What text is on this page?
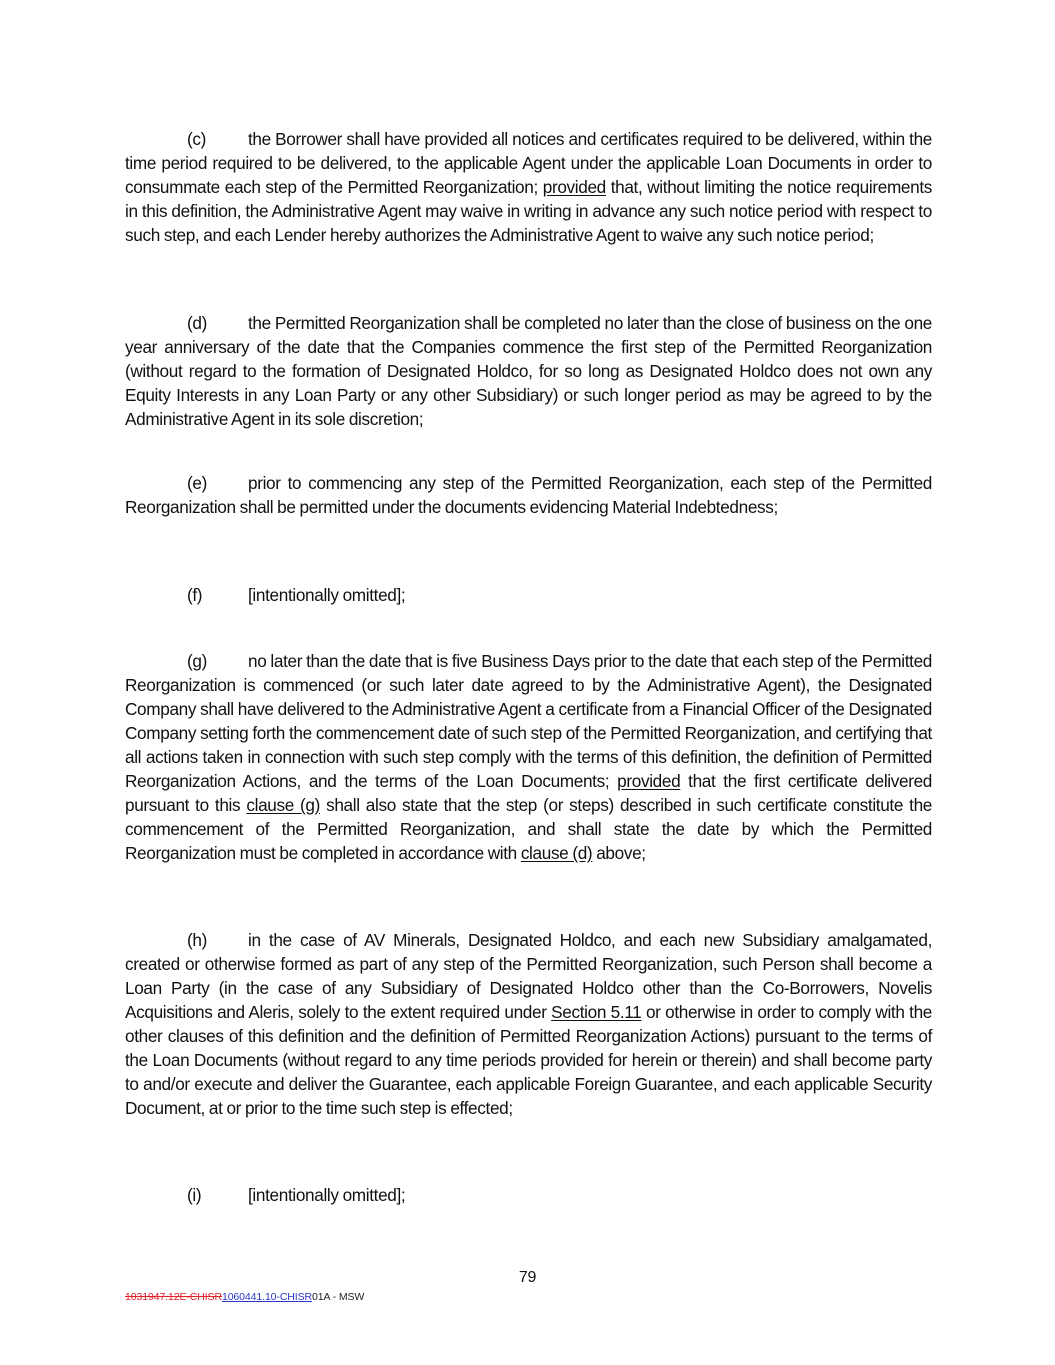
(c) the Borrower shall have provided all notices and certificates required to be delivered, within the time period required to be delivered, to the applicable Agent under the applicable Loan Documents in order to consummate each step of the Permitted Reorganization; provided that, without limiting the notice requirements in this definition, the Administrative Agent may waive in writing in advance any such notice period with respect to such step, and each Lender hereby authorizes the Administrative Agent to waive any such notice period;

(d) the Permitted Reorganization shall be completed no later than the close of business on the one year anniversary of the date that the Companies commence the first step of the Permitted Reorganization (without regard to the formation of Designated Holdco, for so long as Designated Holdco does not own any Equity Interests in any Loan Party or any other Subsidiary) or such longer period as may be agreed to by the Administrative Agent in its sole discretion;

(e) prior to commencing any step of the Permitted Reorganization, each step of the Permitted Reorganization shall be permitted under the documents evidencing Material Indebtedness;

(f)	[intentionally omitted];

(g) no later than the date that is five Business Days prior to the date that each step of the Permitted Reorganization is commenced (or such later date agreed to by the Administrative Agent), the Designated Company shall have delivered to the Administrative Agent a certificate from a Financial Officer of the Designated Company setting forth the commencement date of such step of the Permitted Reorganization, and certifying that all actions taken in connection with such step comply with the terms of this definition, the definition of Permitted Reorganization Actions, and the terms of the Loan Documents; provided that the first certificate delivered pursuant to this clause (g) shall also state that the step (or steps) described in such certificate constitute the commencement of the Permitted Reorganization, and shall state the date by which the Permitted Reorganization must be completed in accordance with clause (d) above;

(h) in the case of AV Minerals, Designated Holdco, and each new Subsidiary amalgamated, created or otherwise formed as part of any step of the Permitted Reorganization, such Person shall become a Loan Party (in the case of any Subsidiary of Designated Holdco other than the Co-Borrowers, Novelis Acquisitions and Aleris, solely to the extent required under Section 5.11 or otherwise in order to comply with the other clauses of this definition and the definition of Permitted Reorganization Actions) pursuant to the terms of the Loan Documents (without regard to any time periods provided for herein or therein) and shall become party to and/or execute and deliver the Guarantee, each applicable Foreign Guarantee, and each applicable Security Document, at or prior to the time such step is effected;

(i)	[intentionally omitted];

79
1031947.12E-CHISR1060441.10-CHISR01A - MSW
